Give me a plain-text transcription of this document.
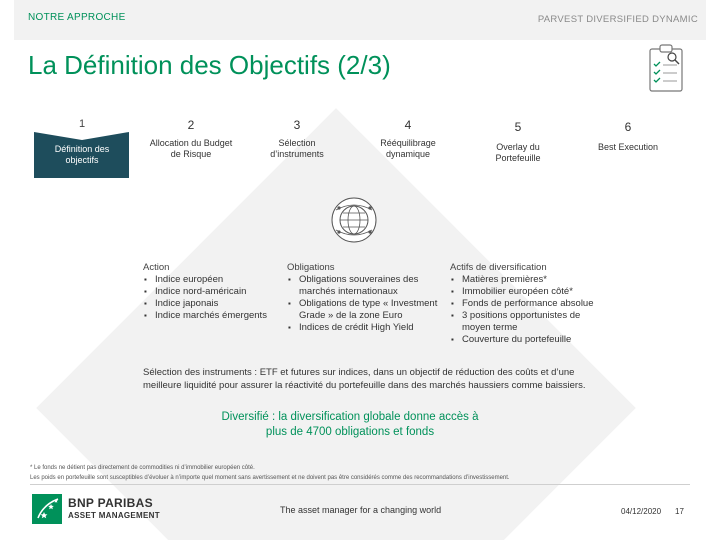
NOTRE APPROCHE	PARVEST DIVERSIFIED DYNAMIC
La Définition des Objectifs (2/3)
1
Définition des objectifs
2
Allocation du Budget de Risque
3
Sélection d’instruments
4
Rééquilibrage dynamique
5
Overlay du Portefeuille
6
Best Execution
Action
▪ Indice européen
▪ Indice nord-américain
▪ Indice japonais
▪ Indice marchés émergents
Obligations
▪ Obligations souveraines des marchés internationaux
▪ Obligations de type « Investment Grade » de la zone Euro
▪ Indices de crédit High Yield
Actifs de diversification
▪ Matières premières*
▪ Immobilier européen côté*
▪ Fonds de performance absolue
▪ 3 positions opportunistes de moyen terme
▪ Couverture du portefeuille

Sélection des instruments : ETF et futures sur indices, dans un objectif de réduction des coûts et d’une meilleure liquidité pour assurer la réactivité du portefeuille dans des marchés haussiers comme baissiers.

Diversifié : la diversification globale donne accès à
plus de 4700 obligations et fonds
* Le fonds ne détient pas directement de commodities ni d’immobilier européen côté.
Les poids en portefeuille sont susceptibles d’évoluer à n’importe quel moment sans avertissement et ne doivent pas être considérés comme des recommandations d’investissement.
BNP PARIBAS
ASSET MANAGEMENT
The asset manager for a changing world	04/12/2020 17
